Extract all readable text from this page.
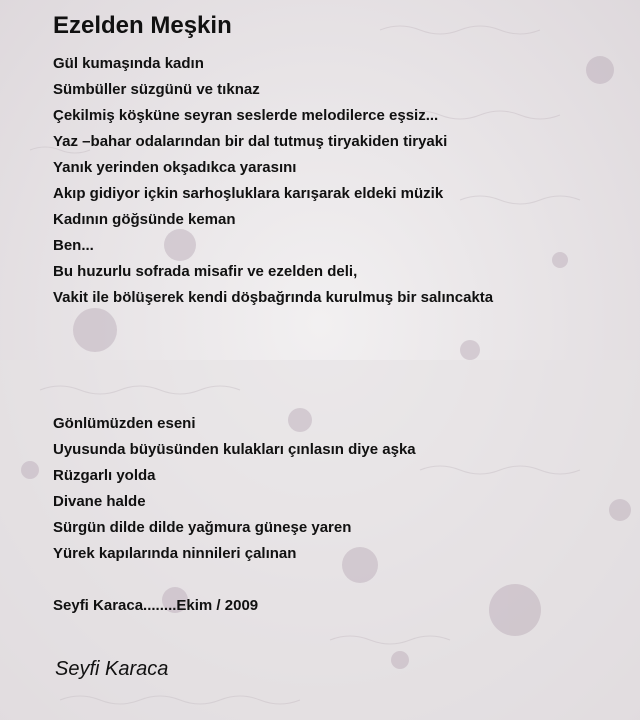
Ezelden Meşkin
Gül kumaşında kadın
Sümbüller süzgünü ve tıknaz
Çekilmiş köşküne seyran seslerde melodilerce eşsiz...
Yaz –bahar odalarından bir dal tutmuş tiryakiden tiryaki
Yanık yerinden okşadıkca yarasını
Akıp gidiyor içkin sarhoşluklara karışarak eldeki müzik
Kadının göğsünde keman
Ben...
Bu huzurlu sofrada misafir ve ezelden deli,
Vakit ile bölüşerek kendi döşbağrında kurulmuş bir salıncakta
Gönlümüzden eseni
Uyusunda büyüsünden kulakları çınlasın diye aşka
Rüzgarlı yolda
Divane halde
Sürgün dilde dilde yağmura güneşe yaren
Yürek kapılarında ninnileri çalınan
Seyfi Karaca........Ekim / 2009
Seyfi Karaca
